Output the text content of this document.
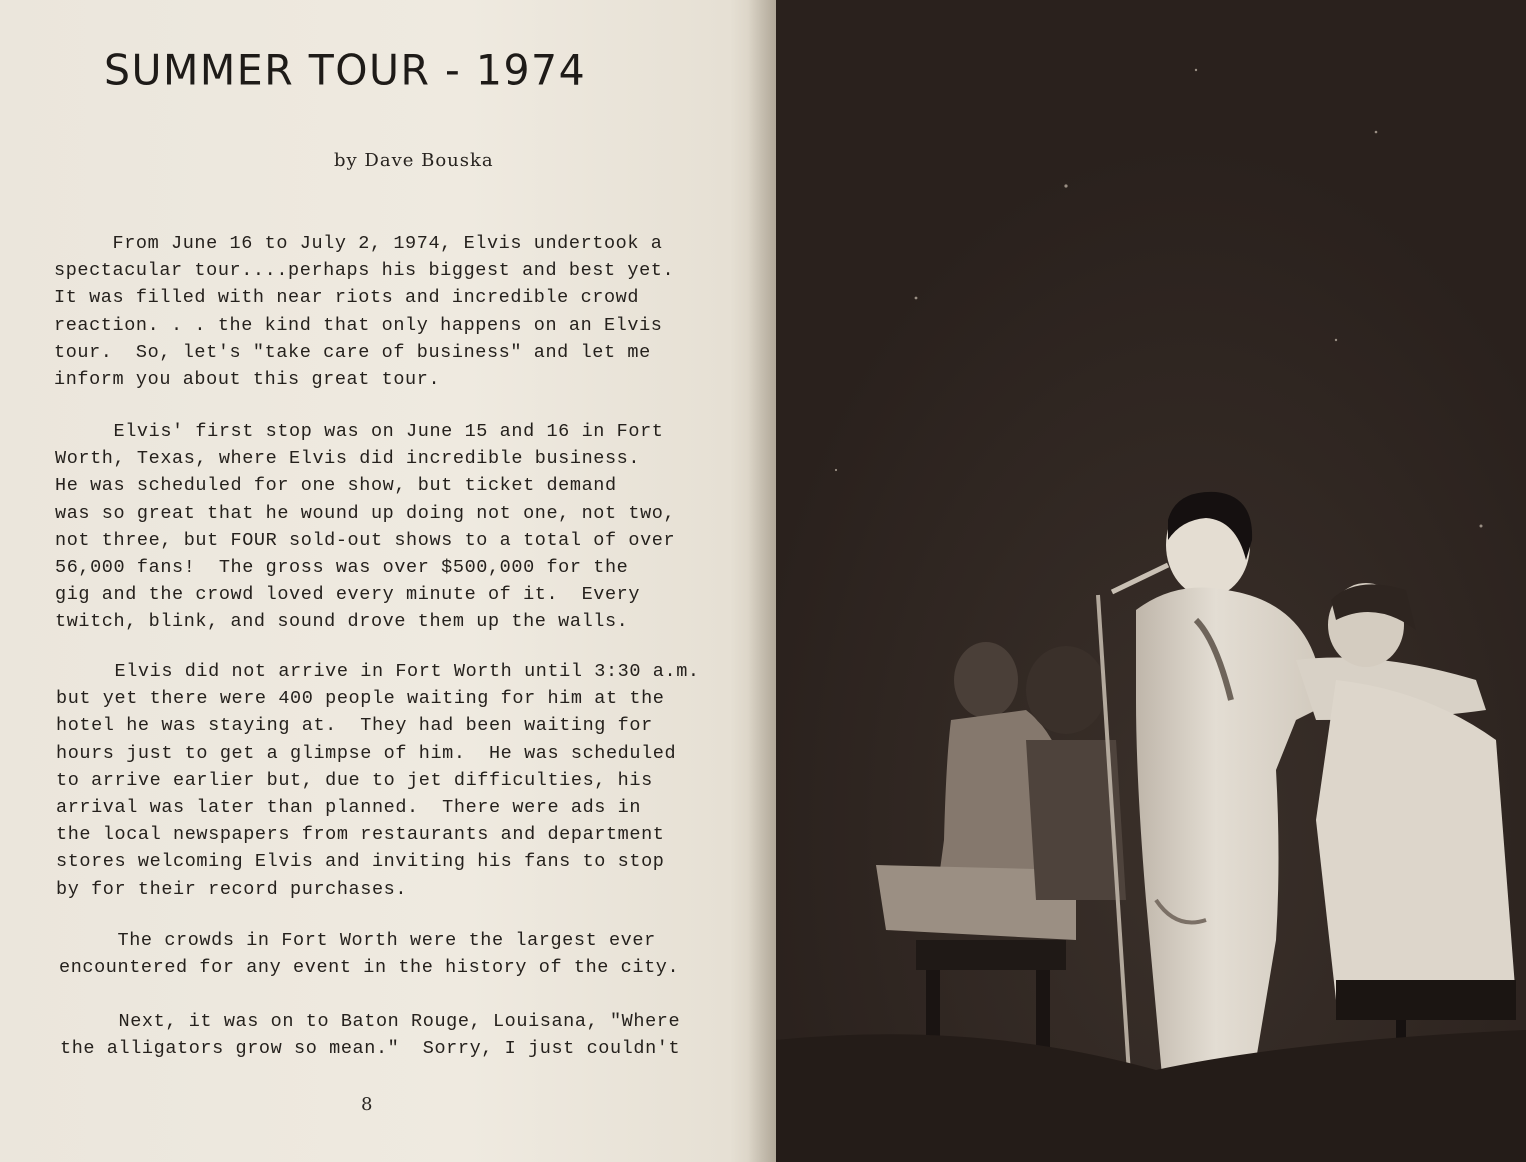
SUMMER TOUR - 1974
by Dave Bouska
From June 16 to July 2, 1974, Elvis undertook a
spectacular tour....perhaps his biggest and best yet.
It was filled with near riots and incredible crowd
reaction. . . the kind that only happens on an Elvis
tour.  So, let's "take care of business" and let me
inform you about this great tour.
Elvis' first stop was on June 15 and 16 in Fort
Worth, Texas, where Elvis did incredible business.
He was scheduled for one show, but ticket demand
was so great that he wound up doing not one, not two,
not three, but FOUR sold-out shows to a total of over
56,000 fans!  The gross was over $500,000 for the
gig and the crowd loved every minute of it.  Every
twitch, blink, and sound drove them up the walls.
Elvis did not arrive in Fort Worth until 3:30 a.m.
but yet there were 400 people waiting for him at the
hotel he was staying at.  They had been waiting for
hours just to get a glimpse of him.  He was scheduled
to arrive earlier but, due to jet difficulties, his
arrival was later than planned.  There were ads in
the local newspapers from restaurants and department
stores welcoming Elvis and inviting his fans to stop
by for their record purchases.
The crowds in Fort Worth were the largest ever
encountered for any event in the history of the city.
Next, it was on to Baton Rouge, Louisana, "Where
the alligators grow so mean."  Sorry, I just couldn't
8
